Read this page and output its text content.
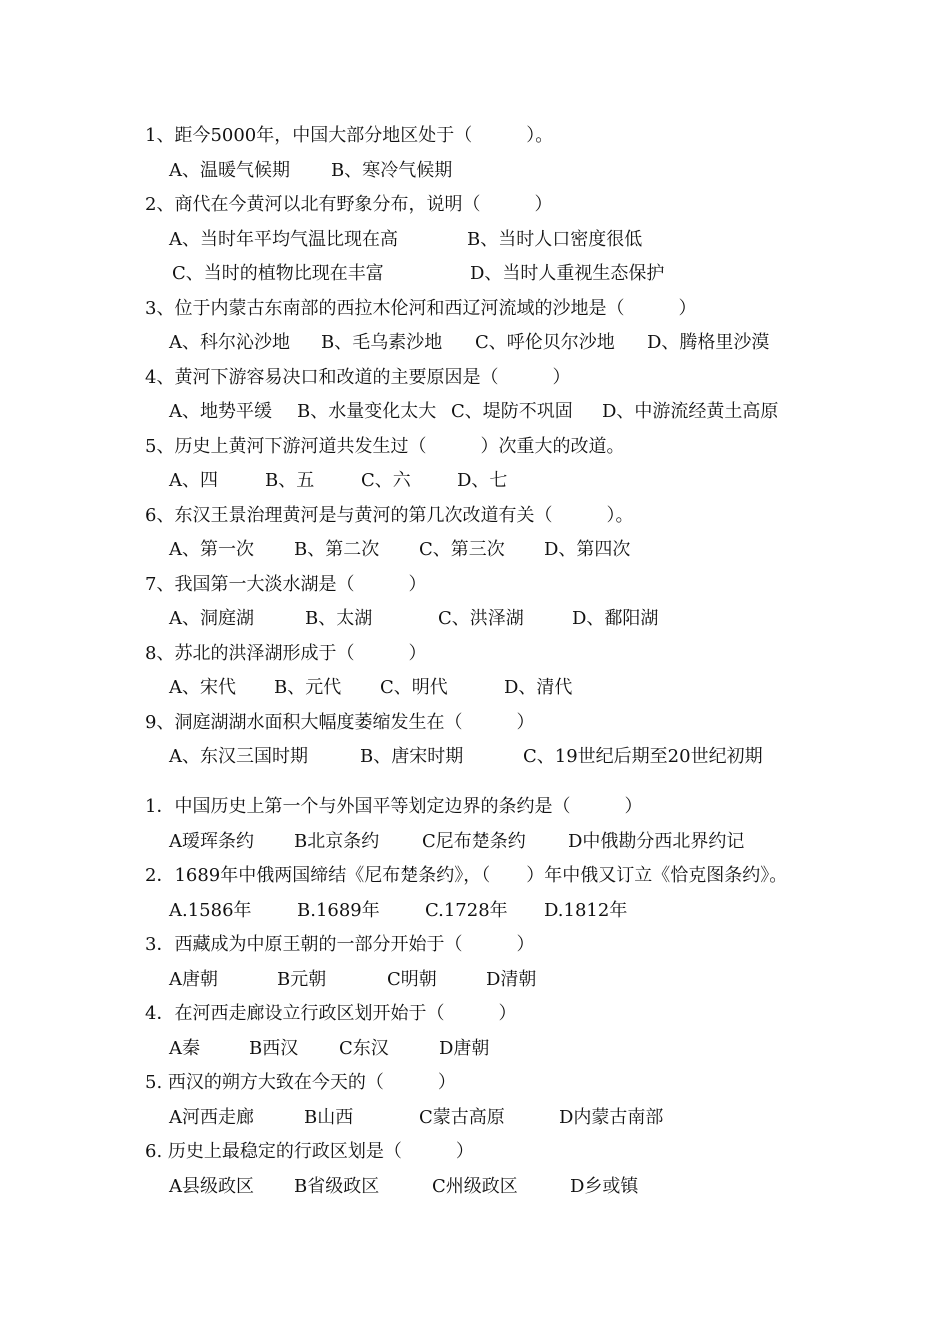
1、距今5000年，中国大部分地区处于（　　　）。
A、温暖气候期	B、寒冷气候期
2、商代在今黄河以北有野象分布，说明（　　　）
A、当时年平均气温比现在高	B、当时人口密度很低
C、当时的植物比现在丰富	D、当时人重视生态保护
3、位于内蒙古东南部的西拉木伦河和西辽河流域的沙地是（　　　）
A、科尔沁沙地	B、毛乌素沙地	C、呼伦贝尔沙地	D、腾格里沙漠
4、黄河下游容易决口和改道的主要原因是（　　　）
A、地势平缓	B、水量变化太大 C、堤防不巩固	D、中游流经黄土高原
5、历史上黄河下游河道共发生过（　　　）次重大的改道。
A、四	B、五	C、六	D、七
6、东汉王景治理黄河是与黄河的第几次改道有关（　　　）。
A、第一次	B、第二次	C、第三次	D、第四次
7、我国第一大淡水湖是（　　　）
A、洞庭湖	B、太湖	C、洪泽湖	D、鄱阳湖
8、苏北的洪泽湖形成于（　　　）
A、宋代	B、元代	C、明代	D、清代
9、洞庭湖湖水面积大幅度萎缩发生在（　　　）
A、东汉三国时期	B、唐宋时期	C、19世纪后期至20世纪初期
1．中国历史上第一个与外国平等划定边界的条约是（　　　）
A瑷珲条约	B北京条约	C尼布楚条约	D中俄勘分西北界约记
2．1689年中俄两国缔结《尼布楚条约》，（　　）年中俄又订立《恰克图条约》。
A.1586年	B.1689年	C.1728年	D.1812年
3．西藏成为中原王朝的一部分开始于（　　　）
A唐朝	B元朝	C明朝	D清朝
4．在河西走廊设立行政区划开始于（　　　）
A秦	B西汉	C东汉	D唐朝
5. 西汉的朔方大致在今天的（　　　）
A河西走廊	B山西	C蒙古高原	D内蒙古南部
6. 历史上最稳定的行政区划是（　　　）
A县级政区	B省级政区	C州级政区	D乡或镇
